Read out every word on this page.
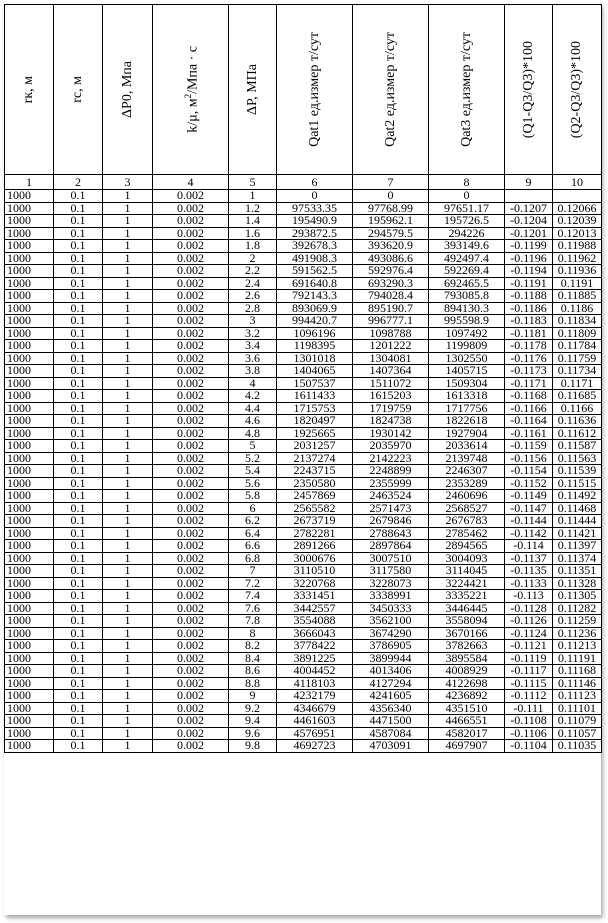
rк, м	rc, м	ΔP0, Мпа	k/μ, $м^2$/Мпа · с	ΔP, МПа	Qat1 ед.измер т/сут	Qat2 ед.измер т/сут	Qat3 ед.измер т/сут	(Q1-Q3/Q3)*100	(Q2-Q3/Q3)*100

1	2	3	4	5	6	7	8	9	10
1000	0.1	1	0.002	1	0	0	0		
1000	0.1	1	0.002	1.2	97533.35	97768.99	97651.17	-0.1207	0.12066
1000	0.1	1	0.002	1.4	195490.9	195962.1	195726.5	-0.1204	0.12039
1000	0.1	1	0.002	1.6	293872.5	294579.5	294226	-0.1201	0.12013
1000	0.1	1	0.002	1.8	392678.3	393620.9	393149.6	-0.1199	0.11988
1000	0.1	1	0.002	2	491908.3	493086.6	492497.4	-0.1196	0.11962
1000	0.1	1	0.002	2.2	591562.5	592976.4	592269.4	-0.1194	0.11936
1000	0.1	1	0.002	2.4	691640.8	693290.3	692465.5	-0.1191	0.1191
1000	0.1	1	0.002	2.6	792143.3	794028.4	793085.8	-0.1188	0.11885
1000	0.1	1	0.002	2.8	893069.9	895190.7	894130.3	-0.1186	0.1186
1000	0.1	1	0.002	3	994420.7	996777.1	995598.9	-0.1183	0.11834
1000	0.1	1	0.002	3.2	1096196	1098788	1097492	-0.1181	0.11809
1000	0.1	1	0.002	3.4	1198395	1201222	1199809	-0.1178	0.11784
1000	0.1	1	0.002	3.6	1301018	1304081	1302550	-0.1176	0.11759
1000	0.1	1	0.002	3.8	1404065	1407364	1405715	-0.1173	0.11734
1000	0.1	1	0.002	4	1507537	1511072	1509304	-0.1171	0.1171
1000	0.1	1	0.002	4.2	1611433	1615203	1613318	-0.1168	0.11685
1000	0.1	1	0.002	4.4	1715753	1719759	1717756	-0.1166	0.1166
1000	0.1	1	0.002	4.6	1820497	1824738	1822618	-0.1164	0.11636
1000	0.1	1	0.002	4.8	1925665	1930142	1927904	-0.1161	0.11612
1000	0.1	1	0.002	5	2031257	2035970	2033614	-0.1159	0.11587
1000	0.1	1	0.002	5.2	2137274	2142223	2139748	-0.1156	0.11563
1000	0.1	1	0.002	5.4	2243715	2248899	2246307	-0.1154	0.11539
1000	0.1	1	0.002	5.6	2350580	2355999	2353289	-0.1152	0.11515
1000	0.1	1	0.002	5.8	2457869	2463524	2460696	-0.1149	0.11492
1000	0.1	1	0.002	6	2565582	2571473	2568527	-0.1147	0.11468
1000	0.1	1	0.002	6.2	2673719	2679846	2676783	-0.1144	0.11444
1000	0.1	1	0.002	6.4	2782281	2788643	2785462	-0.1142	0.11421
1000	0.1	1	0.002	6.6	2891266	2897864	2894565	-0.114	0.11397
1000	0.1	1	0.002	6.8	3000676	3007510	3004093	-0.1137	0.11374
1000	0.1	1	0.002	7	3110510	3117580	3114045	-0.1135	0.11351
1000	0.1	1	0.002	7.2	3220768	3228073	3224421	-0.1133	0.11328
1000	0.1	1	0.002	7.4	3331451	3338991	3335221	-0.113	0.11305
1000	0.1	1	0.002	7.6	3442557	3450333	3446445	-0.1128	0.11282
1000	0.1	1	0.002	7.8	3554088	3562100	3558094	-0.1126	0.11259
1000	0.1	1	0.002	8	3666043	3674290	3670166	-0.1124	0.11236
1000	0.1	1	0.002	8.2	3778422	3786905	3782663	-0.1121	0.11213
1000	0.1	1	0.002	8.4	3891225	3899944	3895584	-0.1119	0.11191
1000	0.1	1	0.002	8.6	4004452	4013406	4008929	-0.1117	0.11168
1000	0.1	1	0.002	8.8	4118103	4127294	4122698	-0.1115	0.11146
1000	0.1	1	0.002	9	4232179	4241605	4236892	-0.1112	0.11123
1000	0.1	1	0.002	9.2	4346679	4356340	4351510	-0.111	0.11101
1000	0.1	1	0.002	9.4	4461603	4471500	4466551	-0.1108	0.11079
1000	0.1	1	0.002	9.6	4576951	4587084	4582017	-0.1106	0.11057
1000	0.1	1	0.002	9.8	4692723	4703091	4697907	-0.1104	0.11035
